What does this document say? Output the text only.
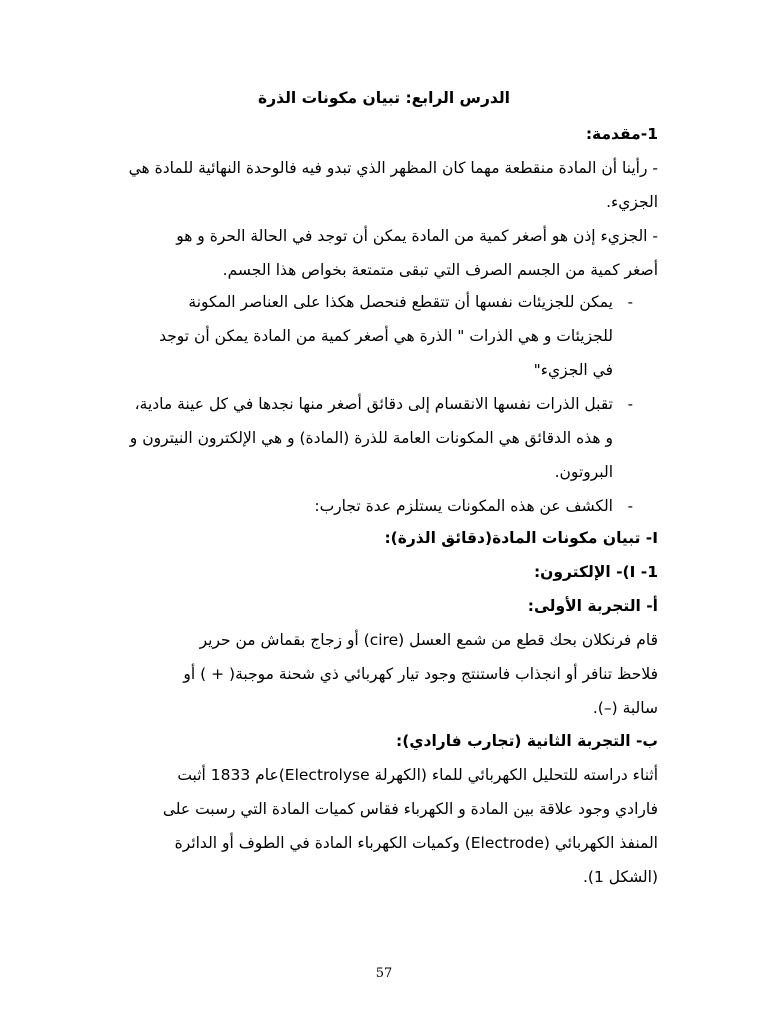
الدرس الرابع: تبيان مكونات الذرة
1-مقدمة:
- رأينا أن المادة منقطعة مهما كان المظهر الذي تبدو فيه فالوحدة النهائية للمادة هي
الجزيء.
- الجزيء إذن هو أصغر كمية من المادة يمكن أن توجد في الحالة الحرة و هو
أصغر كمية من الجسم الصرف التي تبقى متمتعة بخواص هذا الجسم.
-
يمكن للجزيئات نفسها أن تتقطع فنحصل هكذا على العناصر المكونة
للجزيئات و هي الذرات " الذرة هي أصغر كمية من المادة يمكن أن توجد
في الجزيء"
-
تقبل الذرات نفسها الانقسام إلى دقائق أصغر منها نجدها في كل عينة مادية،
و هذه الدقائق هي المكونات العامة للذرة (المادة) و هي الإلكترون النيترون و
البروتون.
-
الكشف عن هذه المكونات يستلزم عدة تجارب:
I- تبيان مكونات المادة(دقائق الذرة):
I -1)- الإلكترون:
أ- التجربة الأولى:
قام فرنكلان بحك قطع من شمع العسل (cire) أو زجاج بقماش من حرير
فلاحظ تنافر أو انجذاب فاستنتج وجود تيار كهربائي ذي شحنة موجبة( + ) أو
سالبة (–).
ب- التجربة الثانية (تجارب فارادي):
أثناء دراسته للتحليل الكهربائي للماء (الكهرلة Electrolyse)عام 1833 أثبت
فارادي وجود علاقة بين المادة و الكهرباء فقاس كميات المادة التي رسبت على
المنفذ الكهربائي (Electrode) وكميات الكهرباء المادة في الطوف أو الدائرة
(الشكل 1).
57
